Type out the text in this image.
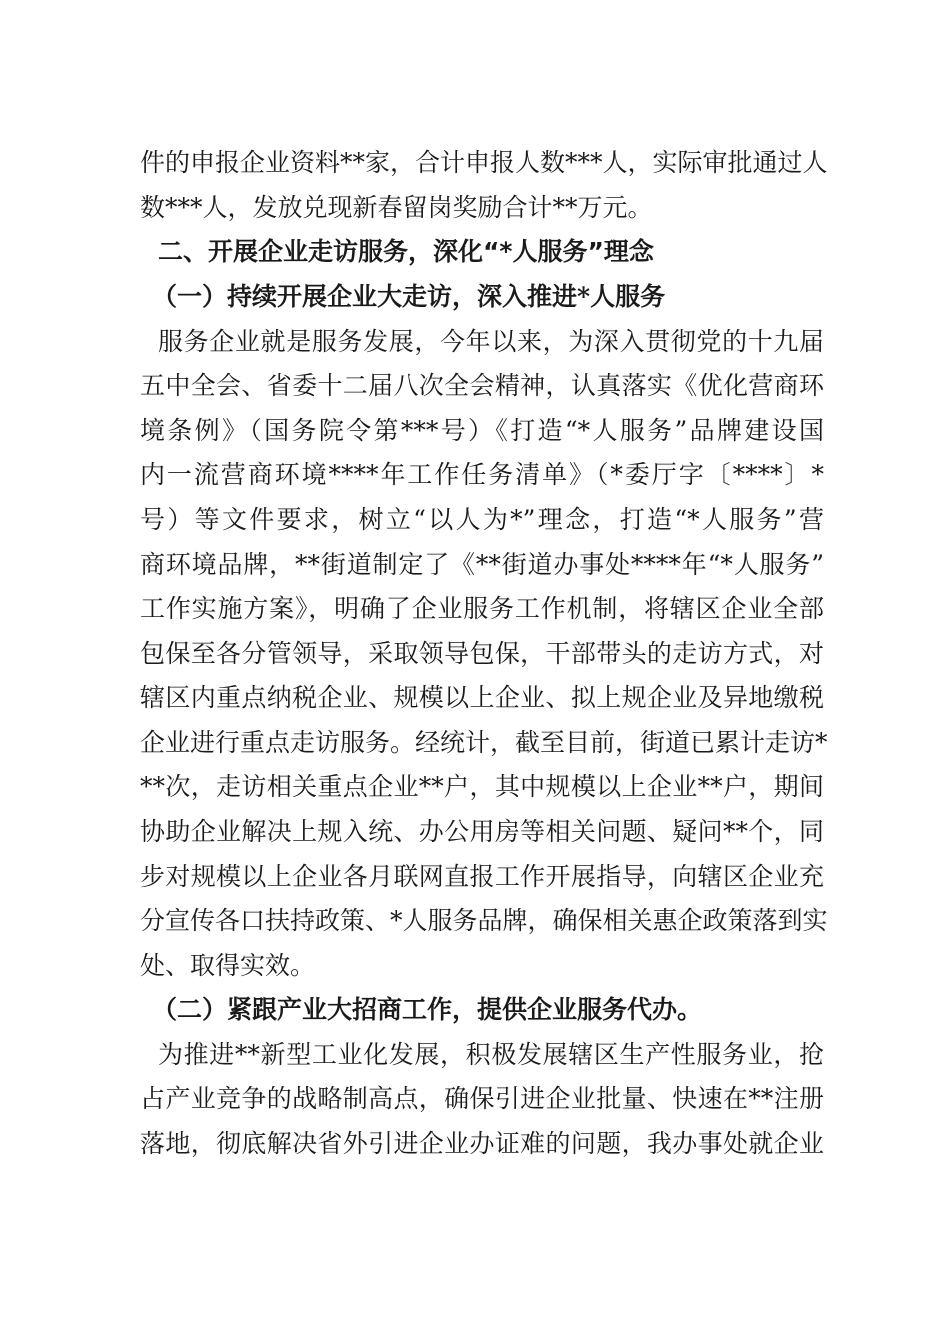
件的申报企业资料**家，合计申报人数***人，实际审批通过人
数***人，发放兑现新春留岗奖励合计**万元。
二、开展企业走访服务，深化“*人服务”理念
（一）持续开展企业大走访，深入推进*人服务
服务企业就是服务发展，今年以来，为深入贯彻党的十九届
五中全会、省委十二届八次全会精神，认真落实《优化营商环
境条例》（国务院令第***号）《打造“*人服务”品牌建设国
内一流营商环境****年工作任务清单》（*委厅字〔****〕*
号）等文件要求，树立“以人为*”理念，打造“*人服务”营
商环境品牌，**街道制定了《**街道办事处****年“*人服务”
工作实施方案》，明确了企业服务工作机制，将辖区企业全部
包保至各分管领导，采取领导包保，干部带头的走访方式，对
辖区内重点纳税企业、规模以上企业、拟上规企业及异地缴税
企业进行重点走访服务。经统计，截至目前，街道已累计走访*
**次，走访相关重点企业**户，其中规模以上企业**户，期间
协助企业解决上规入统、办公用房等相关问题、疑问**个，同
步对规模以上企业各月联网直报工作开展指导，向辖区企业充
分宣传各口扶持政策、*人服务品牌，确保相关惠企政策落到实
处、取得实效。
（二）紧跟产业大招商工作，提供企业服务代办。
为推进**新型工业化发展，积极发展辖区生产性服务业，抢
占产业竞争的战略制高点，确保引进企业批量、快速在**注册
落地，彻底解决省外引进企业办证难的问题，我办事处就企业
